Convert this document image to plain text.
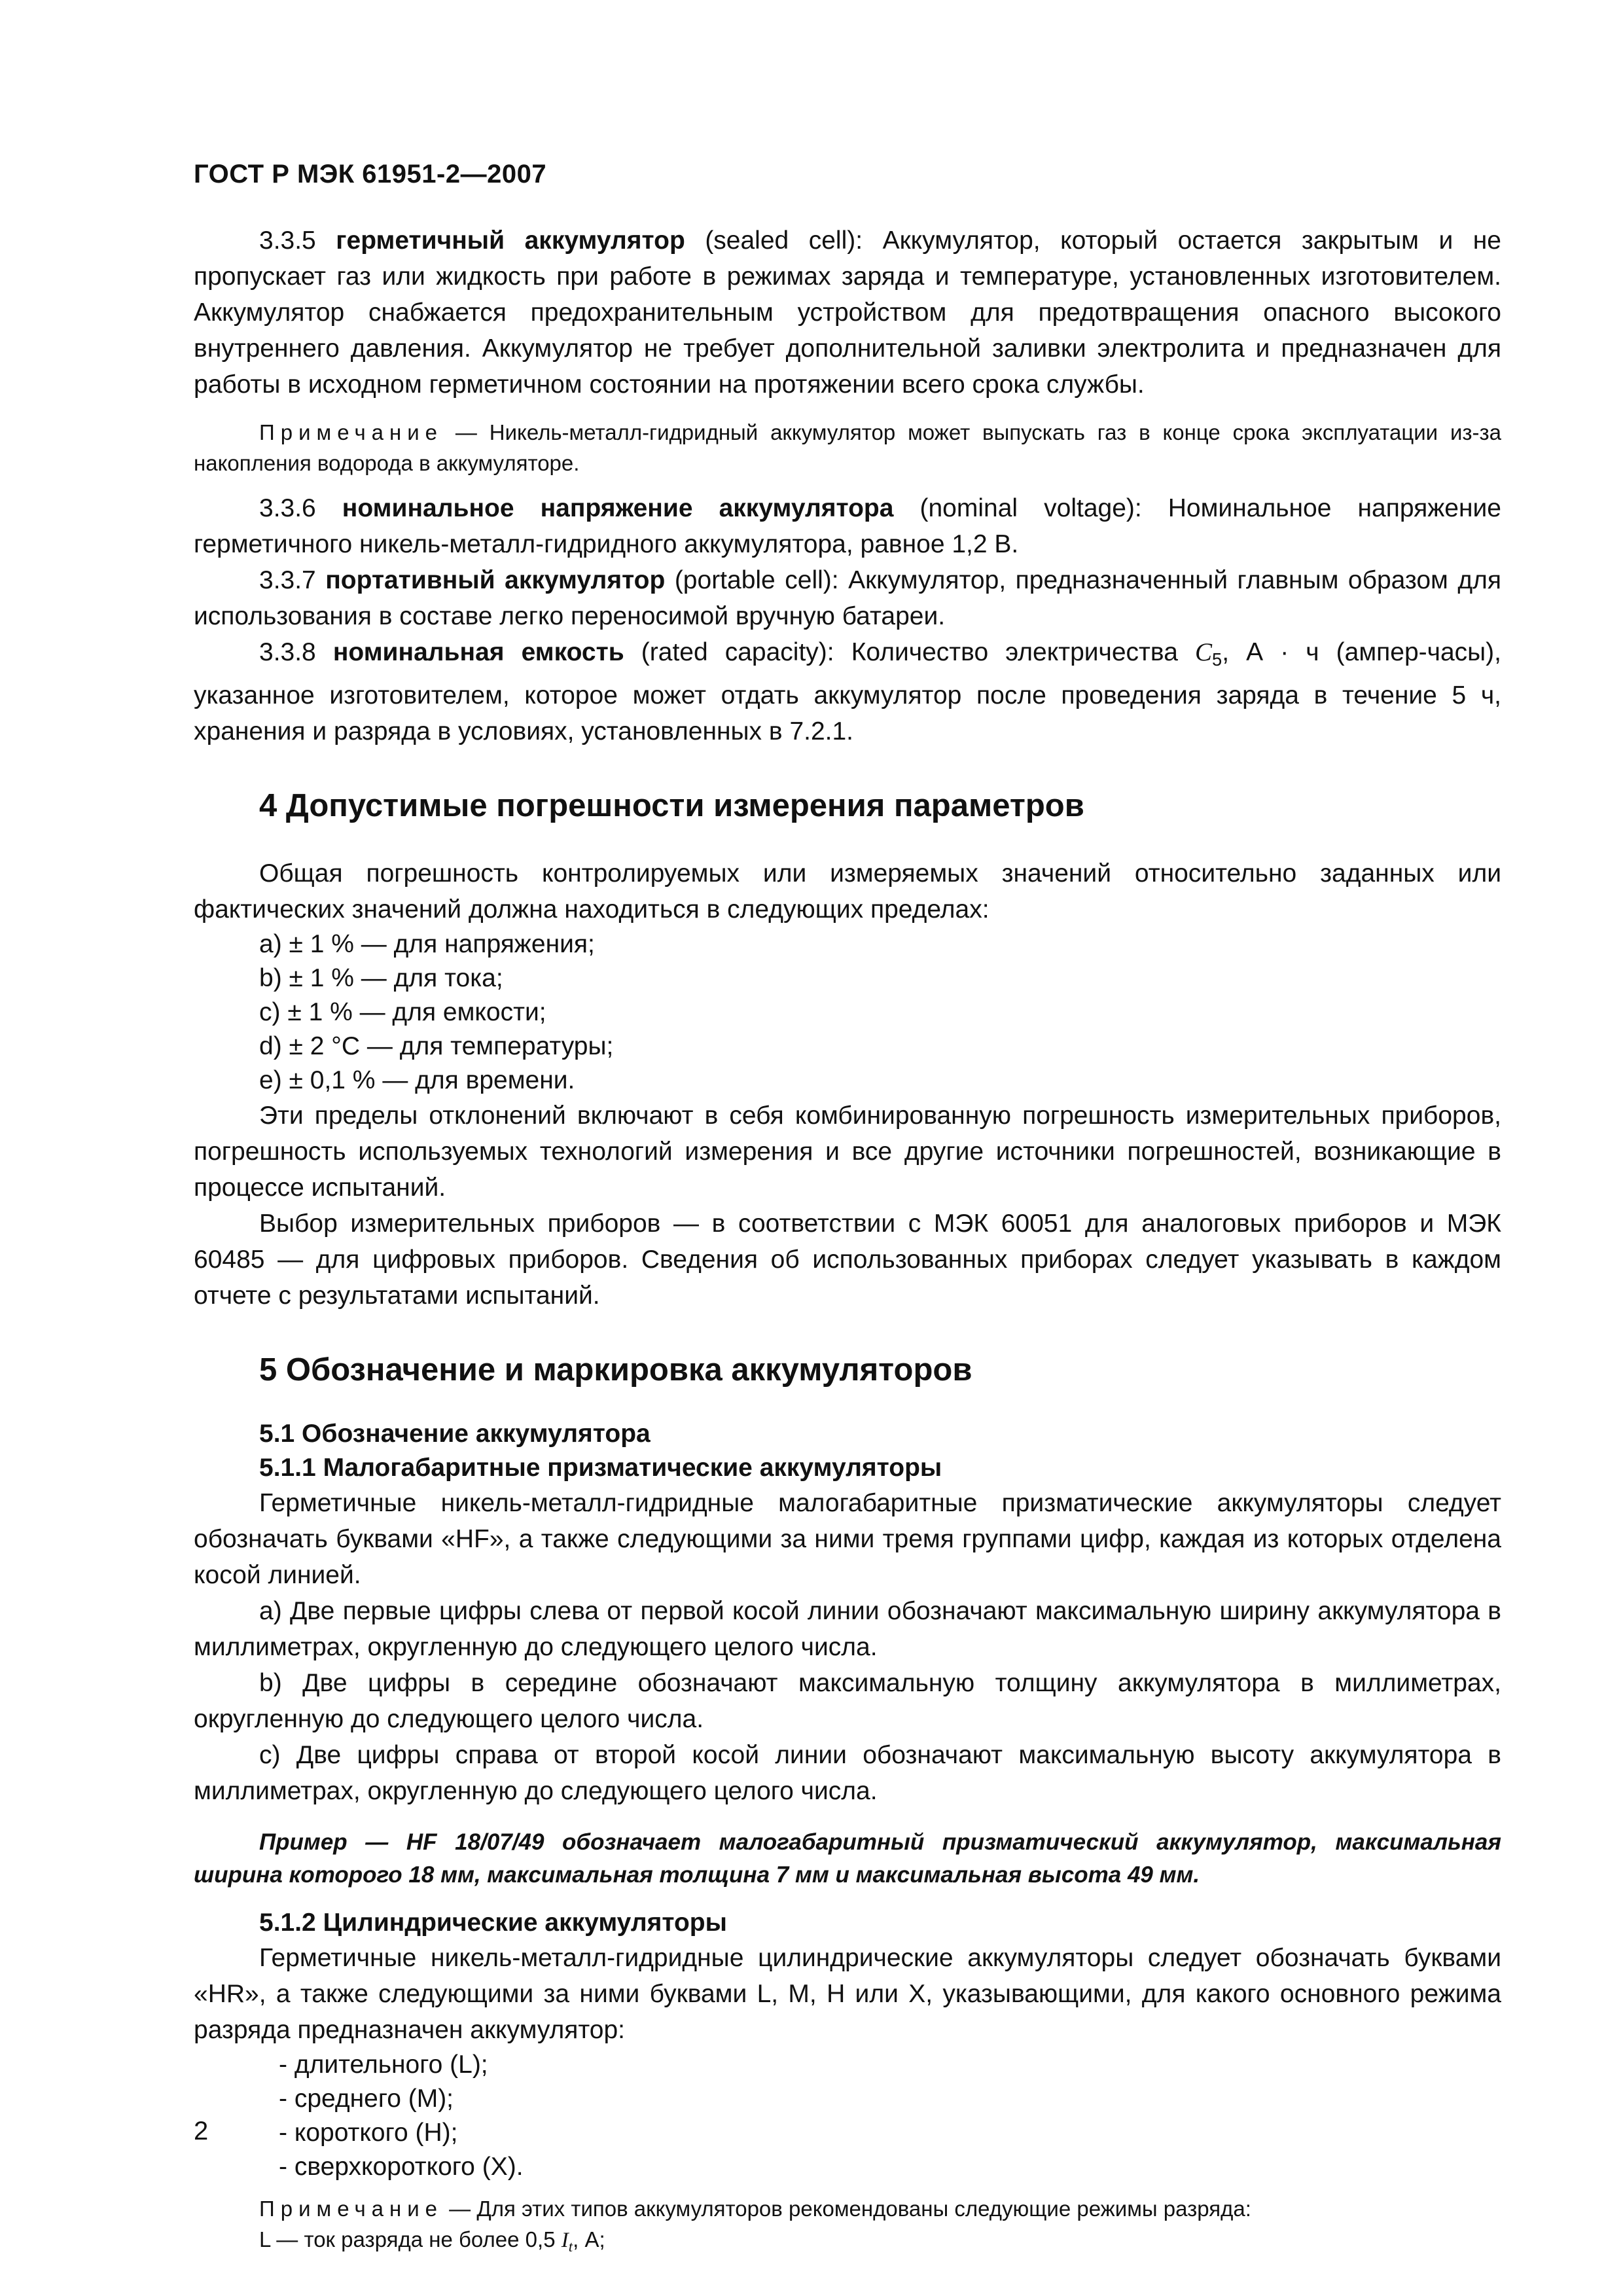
ГОСТ Р МЭК 61951-2—2007

3.3.5 герметичный аккумулятор (sealed cell): Аккумулятор, который остается закрытым и не пропускает газ или жидкость при работе в режимах заряда и температуре, установленных изготовителем. Аккумулятор снабжается предохранительным устройством для предотвращения опасного высокого внутреннего давления. Аккумулятор не требует дополнительной заливки электролита и предназначен для работы в исходном герметичном состоянии на протяжении всего срока службы.

Примечание — Никель-металл-гидридный аккумулятор может выпускать газ в конце срока эксплуатации из-за накопления водорода в аккумуляторе.

3.3.6 номинальное напряжение аккумулятора (nominal voltage): Номинальное напряжение герметичного никель-металл-гидридного аккумулятора, равное 1,2 В.

3.3.7 портативный аккумулятор (portable cell): Аккумулятор, предназначенный главным образом для использования в составе легко переносимой вручную батареи.

3.3.8 номинальная емкость (rated capacity): Количество электричества $C_5$, А · ч (ампер-часы), указанное изготовителем, которое может отдать аккумулятор после проведения заряда в течение 5 ч, хранения и разряда в условиях, установленных в 7.2.1.

4 Допустимые погрешности измерения параметров

Общая погрешность контролируемых или измеряемых значений относительно заданных или фактических значений должна находиться в следующих пределах:

a) ± 1 % — для напряжения;

b) ± 1 % — для тока;

c) ± 1 % — для емкости;

d) ± 2 °C — для температуры;

e) ± 0,1 % — для времени.

Эти пределы отклонений включают в себя комбинированную погрешность измерительных приборов, погрешность используемых технологий измерения и все другие источники погрешностей, возникающие в процессе испытаний.

Выбор измерительных приборов — в соответствии с МЭК 60051 для аналоговых приборов и МЭК 60485 — для цифровых приборов. Сведения об использованных приборах следует указывать в каждом отчете с результатами испытаний.

5 Обозначение и маркировка аккумуляторов

5.1 Обозначение аккумулятора

5.1.1 Малогабаритные призматические аккумуляторы

Герметичные никель-металл-гидридные малогабаритные призматические аккумуляторы следует обозначать буквами «HF», а также следующими за ними тремя группами цифр, каждая из которых отделена косой линией.

a) Две первые цифры слева от первой косой линии обозначают максимальную ширину аккумулятора в миллиметрах, округленную до следующего целого числа.

b) Две цифры в середине обозначают максимальную толщину аккумулятора в миллиметрах, округленную до следующего целого числа.

c) Две цифры справа от второй косой линии обозначают максимальную высоту аккумулятора в миллиметрах, округленную до следующего целого числа.

Пример — HF 18/07/49 обозначает малогабаритный призматический аккумулятор, максимальная ширина которого 18 мм, максимальная толщина 7 мм и максимальная высота 49 мм.

5.1.2 Цилиндрические аккумуляторы

Герметичные никель-металл-гидридные цилиндрические аккумуляторы следует обозначать буквами «HR», а также следующими за ними буквами L, M, H или X, указывающими, для какого основного режима разряда предназначен аккумулятор:

- длительного (L);

- среднего (M);

- короткого (H);

- сверхкороткого (X).

Примечание — Для этих типов аккумуляторов рекомендованы следующие режимы разряда:

L — ток разряда не более 0,5 $I_t$, А;

2
